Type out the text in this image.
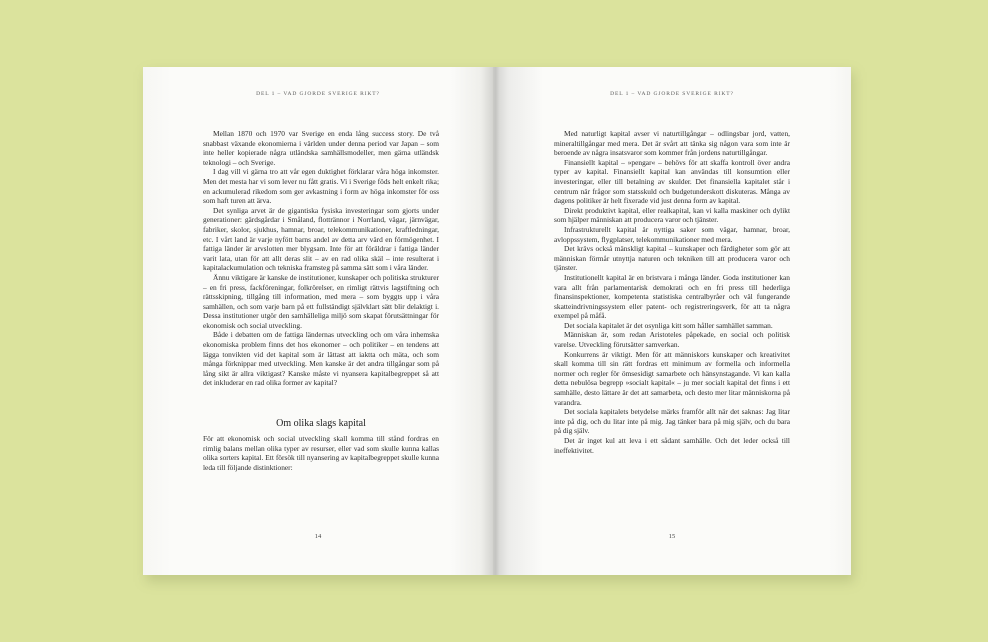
DEL 1 – VAD GJORDE SVERIGE RIKT?

Mellan 1870 och 1970 var Sverige en enda lång success story. De två snabbast växande ekonomierna i världen under denna period var Japan – som inte heller kopierade några utländska samhällsmodeller, men gärna utländsk teknologi – och Sverige.

I dag vill vi gärna tro att vår egen duktighet förklarar våra höga inkomster. Men det mesta har vi som lever nu fått gratis. Vi i Sverige föds helt enkelt rika; en ackumulerad rikedom som ger avkastning i form av höga inkomster för oss som haft turen att ärva.

Det synliga arvet är de gigantiska fysiska investeringar som gjorts under generationer: gärdsgårdar i Småland, flottrännor i Norrland, vägar, järnvägar, fabriker, skolor, sjukhus, hamnar, broar, telekommunikationer, kraftledningar, etc. I vårt land är varje nyfött barns andel av detta arv värd en förmögenhet. I fattiga länder är arvslotten mer blygsam. Inte för att föräldrar i fattiga länder varit lata, utan för att allt deras slit – av en rad olika skäl – inte resulterat i kapitalackumulation och tekniska framsteg på samma sätt som i våra länder.

Ännu viktigare är kanske de institutioner, kunskaper och politiska strukturer – en fri press, fackföreningar, folkrörelser, en rimligt rättvis lagstiftning och rättsskipning, tillgång till information, med mera – som byggts upp i våra samhällen, och som varje barn på ett fullständigt självklart sätt blir delaktigt i. Dessa institutioner utgör den samhälleliga miljö som skapat förutsättningar för ekonomisk och social utveckling.

Både i debatten om de fattiga ländernas utveckling och om våra inhemska ekonomiska problem finns det hos ekonomer – och politiker – en tendens att lägga tonvikten vid det kapital som är lättast att iaktta och mäta, och som många förknippar med utveckling. Men kanske är det andra tillgångar som på lång sikt är allra viktigast? Kanske måste vi nyansera kapitalbegreppet så att det inkluderar en rad olika former av kapital?

Om olika slags kapital

För att ekonomisk och social utveckling skall komma till stånd fordras en rimlig balans mellan olika typer av resurser, eller vad som skulle kunna kallas olika sorters kapital. Ett försök till nyansering av kapitalbegreppet skulle kunna leda till följande distinktioner:

14
DEL 1 – VAD GJORDE SVERIGE RIKT?

Med naturligt kapital avser vi naturtillgångar – odlingsbar jord, vatten, mineraltillgångar med mera. Det är svårt att tänka sig någon vara som inte är beroende av några insatsvaror som kommer från jordens naturtillgångar.

Finansiellt kapital – »pengar« – behövs för att skaffa kontroll över andra typer av kapital. Finansiellt kapital kan användas till konsumtion eller investeringar, eller till betalning av skulder. Det finansiella kapitalet står i centrum när frågor som statsskuld och budgetunderskott diskuteras. Många av dagens politiker är helt fixerade vid just denna form av kapital.

Direkt produktivt kapital, eller realkapital, kan vi kalla maskiner och dylikt som hjälper människan att producera varor och tjänster.

Infrastrukturellt kapital är nyttiga saker som vägar, hamnar, broar, avloppssystem, flygplatser, telekommunikationer med mera.

Det krävs också mänskligt kapital – kunskaper och färdigheter som gör att människan förmår utnyttja naturen och tekniken till att producera varor och tjänster.

Institutionellt kapital är en bristvara i många länder. Goda institutioner kan vara allt från parlamentarisk demokrati och en fri press till hederliga finansinspektioner, kompetenta statistiska centralbyråer och väl fungerande skatteindrivningssystem eller patent- och registreringsverk, för att ta några exempel på måfå.

Det sociala kapitalet är det osynliga kitt som håller samhället samman.

Människan är, som redan Aristoteles påpekade, en social och politisk varelse. Utveckling förutsätter samverkan.

Konkurrens är viktigt. Men för att människors kunskaper och kreativitet skall komma till sin rätt fordras ett minimum av formella och informella normer och regler för ömsesidigt samarbete och hänsynstagande. Vi kan kalla detta nebulösa begrepp »socialt kapital« – ju mer socialt kapital det finns i ett samhälle, desto lättare är det att samarbeta, och desto mer litar människorna på varandra.

Det sociala kapitalets betydelse märks framför allt när det saknas: Jag litar inte på dig, och du litar inte på mig. Jag tänker bara på mig själv, och du bara på dig själv.

Det är inget kul att leva i ett sådant samhälle. Och det leder också till ineffektivitet.

15
